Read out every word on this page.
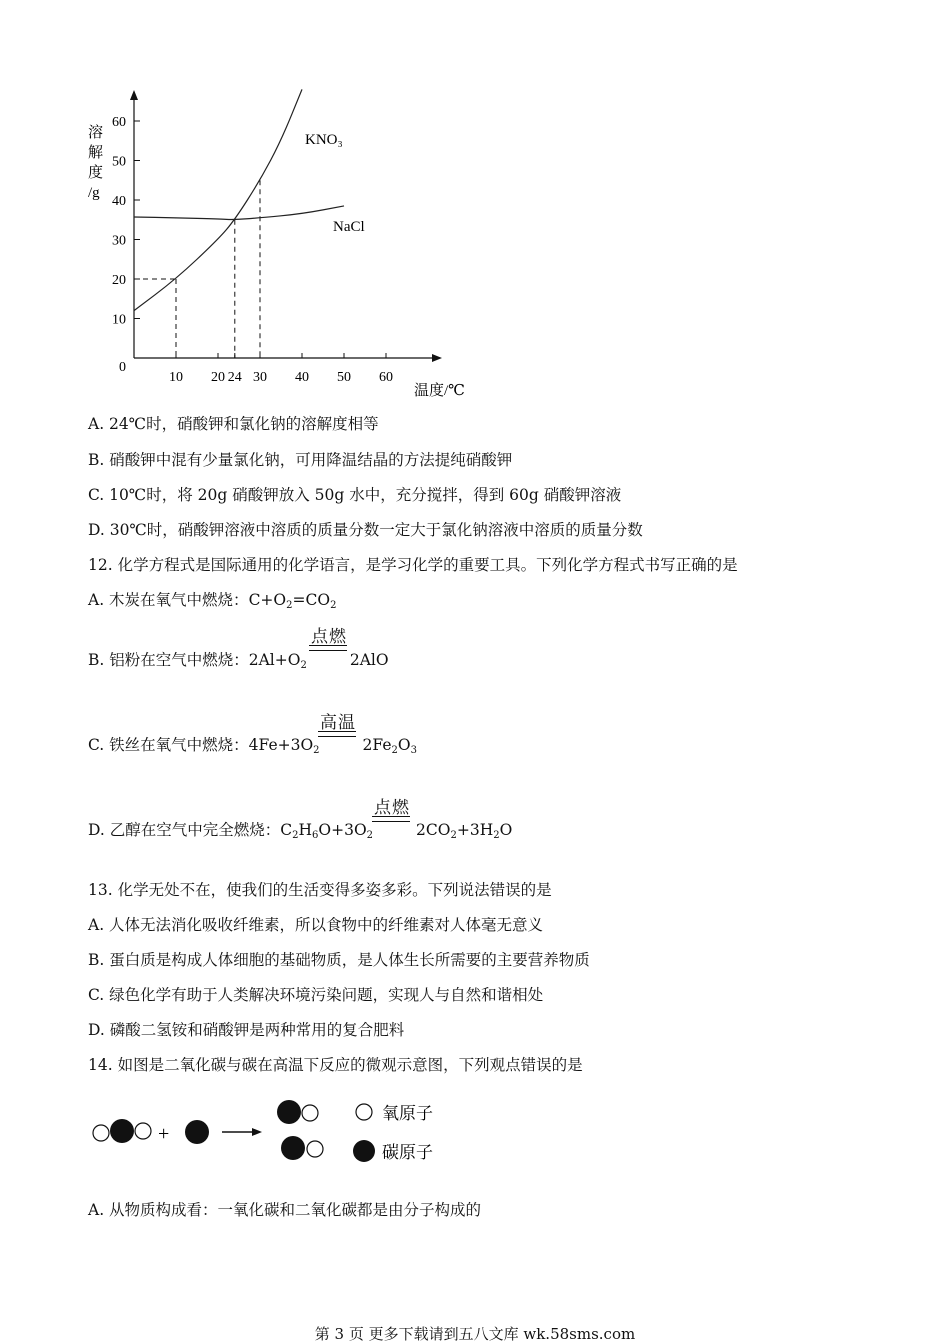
溶
解
度
/g
温度/℃
10 20 24 30 40 50 60
0
10
20
30
40
50
60
KNO₃
NaCl
A. 24℃时，硝酸钾和氯化钠的溶解度相等
B. 硝酸钾中混有少量氯化钠，可用降温结晶的方法提纯硝酸钾
C. 10℃时，将 20g 硝酸钾放入 50g 水中，充分搅拌，得到 60g 硝酸钾溶液
D. 30℃时，硝酸钾溶液中溶质的质量分数一定大于氯化钠溶液中溶质的质量分数
12. 化学方程式是国际通用的化学语言，是学习化学的重要工具。下列化学方程式书写正确的是
A. 木炭在氧气中燃烧：$C+O_2=CO_2$
点燃
B. 铝粉在空气中燃烧：$2Al+O_2$	2AlO
高温
C. 铁丝在氧气中燃烧：$4Fe+3O_2$	$2Fe_2O_3$
点燃
D. 乙醇在空气中完全燃烧：$C_2H_6O+3O_2$	$2CO_2+3H_2O$
13. 化学无处不在，使我们的生活变得多姿多彩。下列说法错误的是
A. 人体无法消化吸收纤维素，所以食物中的纤维素对人体毫无意义
B. 蛋白质是构成人体细胞的基础物质，是人体生长所需要的主要营养物质
C. 绿色化学有助于人类解决环境污染问题，实现人与自然和谐相处
D. 磷酸二氢铵和硝酸钾是两种常用的复合肥料
14. 如图是二氧化碳与碳在高温下反应的微观示意图，下列观点错误的是
+
氧原子
碳原子
A. 从物质构成看：一氧化碳和二氧化碳都是由分子构成的
第 3 页 更多下载请到五八文库 wk.58sms.com
